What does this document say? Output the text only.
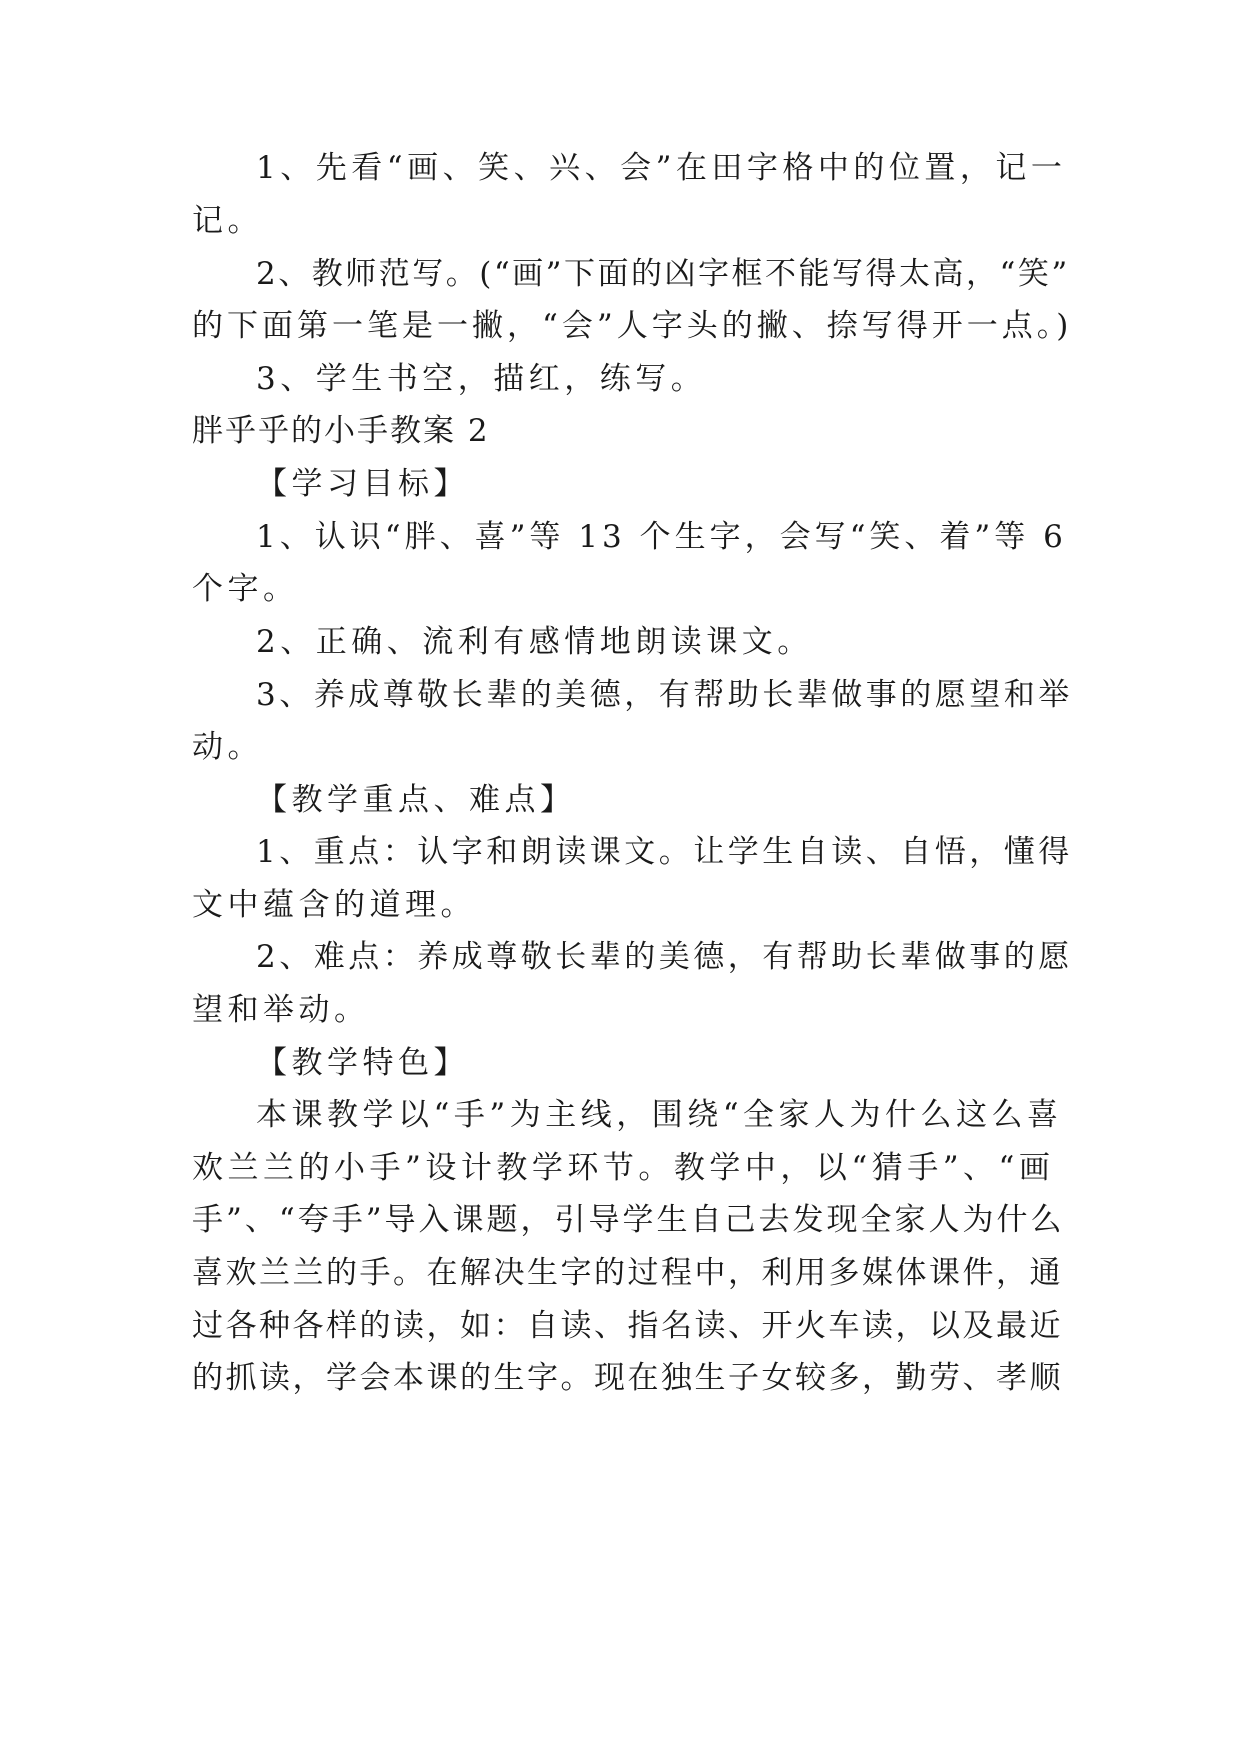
1、先看“画、笑、兴、会”在田字格中的位置，记一
记。
2、教师范写。(“画”下面的凶字框不能写得太高，“笑”
的下面第一笔是一撇，“会”人字头的撇、捺写得开一点。)
3、学生书空，描红，练写。
胖乎乎的小手教案 2
【学习目标】
1、认识“胖、喜”等 13 个生字，会写“笑、着”等 6
个字。
2、正确、流利有感情地朗读课文。
3、养成尊敬长辈的美德，有帮助长辈做事的愿望和举
动。
【教学重点、难点】
1、重点：认字和朗读课文。让学生自读、自悟，懂得
文中蕴含的道理。
2、难点：养成尊敬长辈的美德，有帮助长辈做事的愿
望和举动。
【教学特色】
本课教学以“手”为主线，围绕“全家人为什么这么喜
欢兰兰的小手”设计教学环节。教学中，以“猜手”、“画
手”、“夸手”导入课题，引导学生自己去发现全家人为什么
喜欢兰兰的手。在解决生字的过程中，利用多媒体课件，通
过各种各样的读，如：自读、指名读、开火车读，以及最近
的抓读，学会本课的生字。现在独生子女较多，勤劳、孝顺
